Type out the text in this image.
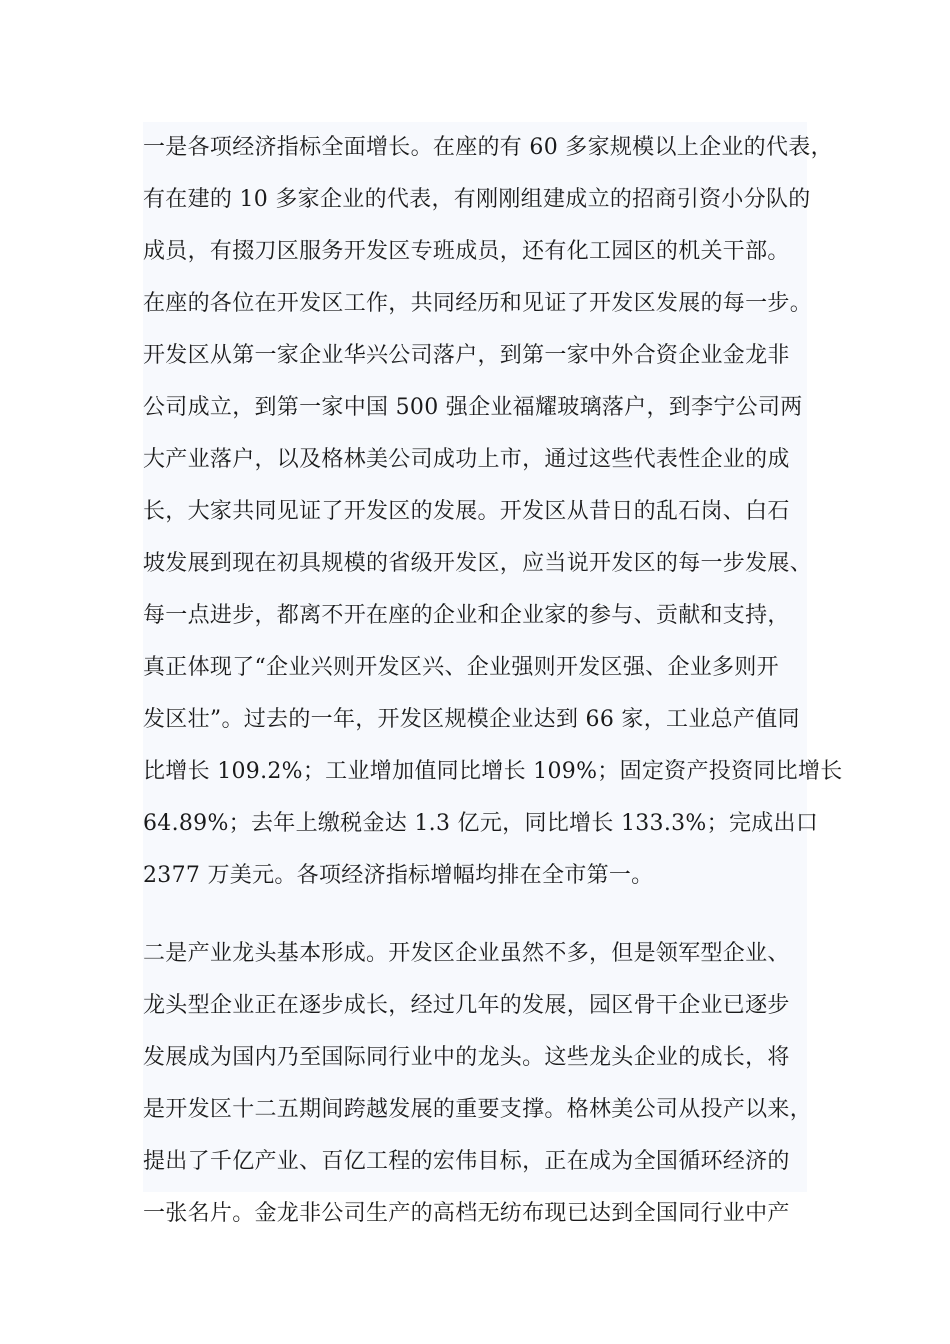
一是各项经济指标全面增长。在座的有 60 多家规模以上企业的代表，
有在建的 10 多家企业的代表，有刚刚组建成立的招商引资小分队的
成员，有掇刀区服务开发区专班成员，还有化工园区的机关干部。
在座的各位在开发区工作，共同经历和见证了开发区发展的每一步。
开发区从第一家企业华兴公司落户，到第一家中外合资企业金龙非
公司成立，到第一家中国 500 强企业福耀玻璃落户，到李宁公司两
大产业落户，以及格林美公司成功上市，通过这些代表性企业的成
长，大家共同见证了开发区的发展。开发区从昔日的乱石岗、白石
坡发展到现在初具规模的省级开发区，应当说开发区的每一步发展、
每一点进步，都离不开在座的企业和企业家的参与、贡献和支持，
真正体现了“企业兴则开发区兴、企业强则开发区强、企业多则开
发区壮”。过去的一年，开发区规模企业达到 66 家，工业总产值同
比增长 109.2%；工业增加值同比增长 109%；固定资产投资同比增长
64.89%；去年上缴税金达 1.3 亿元，同比增长 133.3%；完成出口
2377 万美元。各项经济指标增幅均排在全市第一。
二是产业龙头基本形成。开发区企业虽然不多，但是领军型企业、
龙头型企业正在逐步成长，经过几年的发展，园区骨干企业已逐步
发展成为国内乃至国际同行业中的龙头。这些龙头企业的成长，将
是开发区十二五期间跨越发展的重要支撑。格林美公司从投产以来，
提出了千亿产业、百亿工程的宏伟目标，正在成为全国循环经济的
一张名片。金龙非公司生产的高档无纺布现已达到全国同行业中产
